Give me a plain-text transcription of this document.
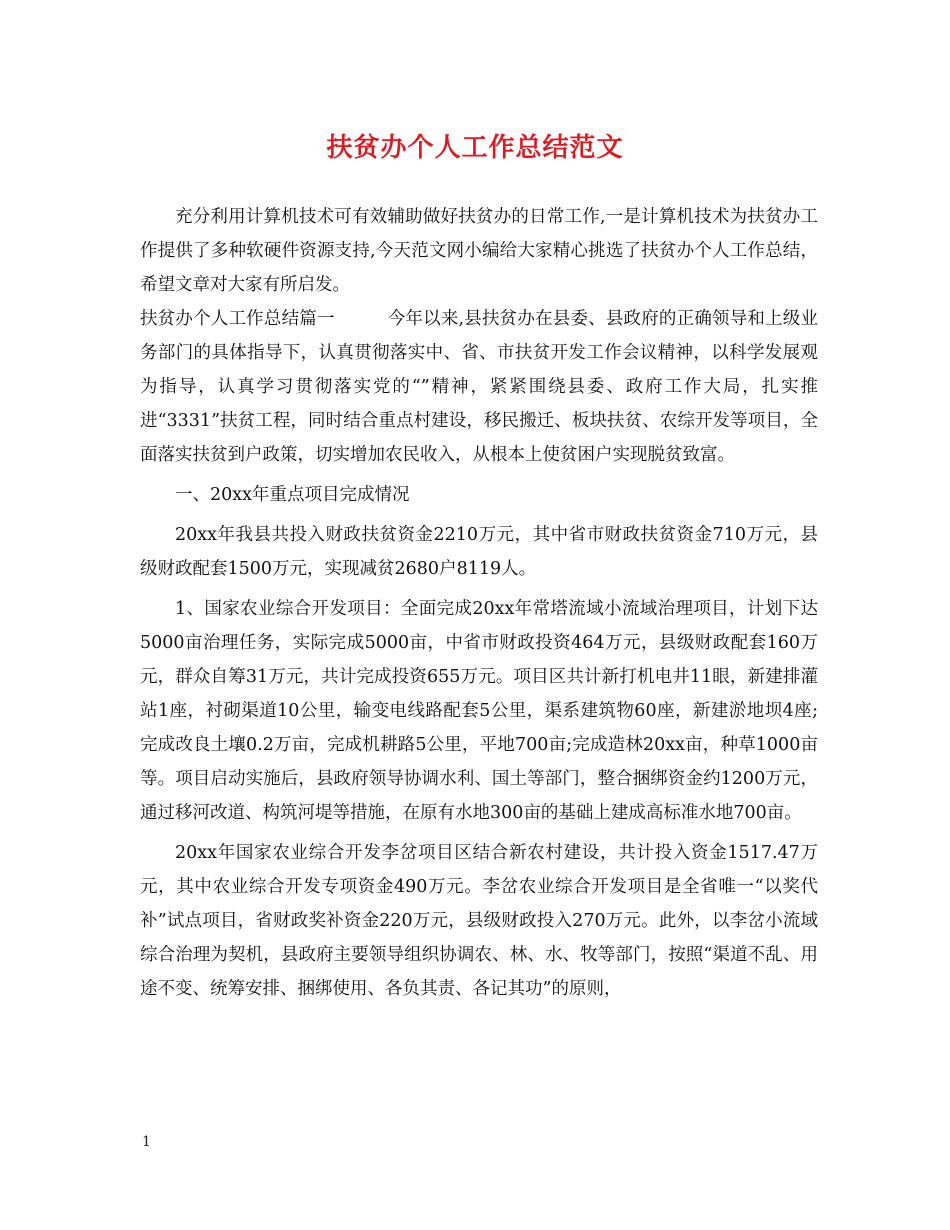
扶贫办个人工作总结范文

充分利用计算机技术可有效辅助做好扶贫办的日常工作,一是计算机技术为扶贫办工作提供了多种软硬件资源支持,今天范文网小编给大家精心挑选了扶贫办个人工作总结，希望文章对大家有所启发。

扶贫办个人工作总结篇一　　　今年以来,县扶贫办在县委、县政府的正确领导和上级业务部门的具体指导下，认真贯彻落实中、省、市扶贫开发工作会议精神，以科学发展观为指导，认真学习贯彻落实党的“”精神，紧紧围绕县委、政府工作大局，扎实推进“3331”扶贫工程，同时结合重点村建设，移民搬迁、板块扶贫、农综开发等项目，全面落实扶贫到户政策，切实增加农民收入，从根本上使贫困户实现脱贫致富。

一、20xx年重点项目完成情况

20xx年我县共投入财政扶贫资金2210万元，其中省市财政扶贫资金710万元，县级财政配套1500万元，实现减贫2680户8119人。

1、国家农业综合开发项目：全面完成20xx年常塔流域小流域治理项目，计划下达5000亩治理任务，实际完成5000亩，中省市财政投资464万元，县级财政配套160万元，群众自筹31万元，共计完成投资655万元。项目区共计新打机电井11眼，新建排灌站1座，衬砌渠道10公里，输变电线路配套5公里，渠系建筑物60座，新建淤地坝4座;完成改良土壤0.2万亩，完成机耕路5公里，平地700亩;完成造林20xx亩，种草1000亩等。项目启动实施后，县政府领导协调水利、国土等部门，整合捆绑资金约1200万元，通过移河改道、构筑河堤等措施，在原有水地300亩的基础上建成高标准水地700亩。

20xx年国家农业综合开发李岔项目区结合新农村建设，共计投入资金1517.47万元，其中农业综合开发专项资金490万元。李岔农业综合开发项目是全省唯一“以奖代补”试点项目，省财政奖补资金220万元，县级财政投入270万元。此外，以李岔小流域综合治理为契机，县政府主要领导组织协调农、林、水、牧等部门，按照“渠道不乱、用途不变、统筹安排、捆绑使用、各负其责、各记其功”的原则，

1
